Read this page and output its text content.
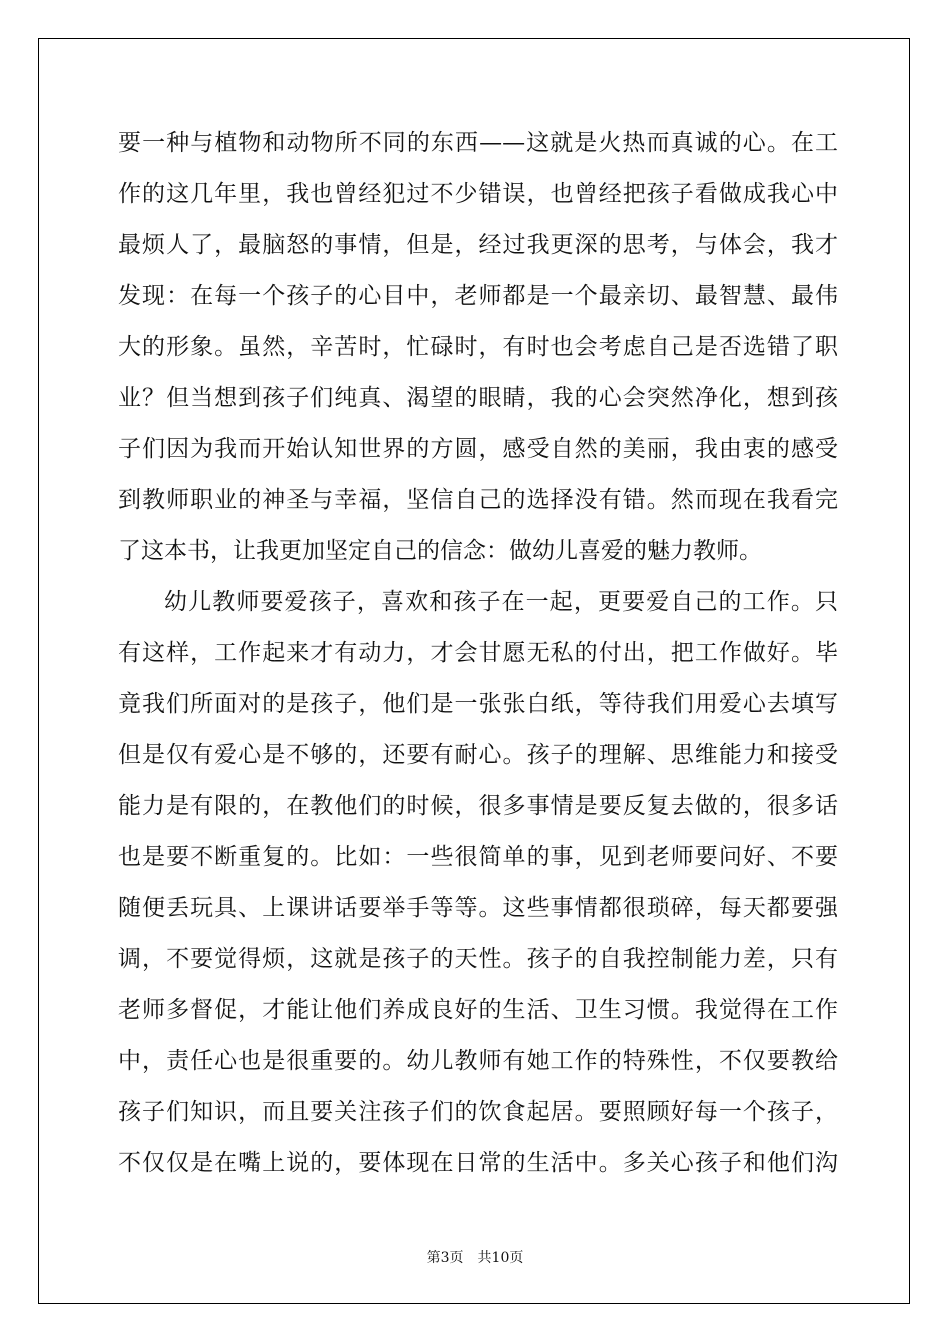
要一种与植物和动物所不同的东西——这就是火热而真诚的心。在工
作的这几年里，我也曾经犯过不少错误，也曾经把孩子看做成我心中
最烦人了，最脑怒的事情，但是，经过我更深的思考，与体会，我才
发现：在每一个孩子的心目中，老师都是一个最亲切、最智慧、最伟
大的形象。虽然，辛苦时，忙碌时，有时也会考虑自己是否选错了职
业？但当想到孩子们纯真、渴望的眼睛，我的心会突然净化，想到孩
子们因为我而开始认知世界的方圆，感受自然的美丽，我由衷的感受
到教师职业的神圣与幸福，坚信自己的选择没有错。然而现在我看完
了这本书，让我更加坚定自己的信念：做幼儿喜爱的魅力教师。
幼儿教师要爱孩子，喜欢和孩子在一起，更要爱自己的工作。只
有这样，工作起来才有动力，才会甘愿无私的付出，把工作做好。毕
竟我们所面对的是孩子，他们是一张张白纸，等待我们用爱心去填写
但是仅有爱心是不够的，还要有耐心。孩子的理解、思维能力和接受
能力是有限的，在教他们的时候，很多事情是要反复去做的，很多话
也是要不断重复的。比如：一些很简单的事，见到老师要问好、不要
随便丢玩具、上课讲话要举手等等。这些事情都很琐碎，每天都要强
调，不要觉得烦，这就是孩子的天性。孩子的自我控制能力差，只有
老师多督促，才能让他们养成良好的生活、卫生习惯。我觉得在工作
中，责任心也是很重要的。幼儿教师有她工作的特殊性，不仅要教给
孩子们知识，而且要关注孩子们的饮食起居。要照顾好每一个孩子，
不仅仅是在嘴上说的，要体现在日常的生活中。多关心孩子和他们沟
第3页 共10页
